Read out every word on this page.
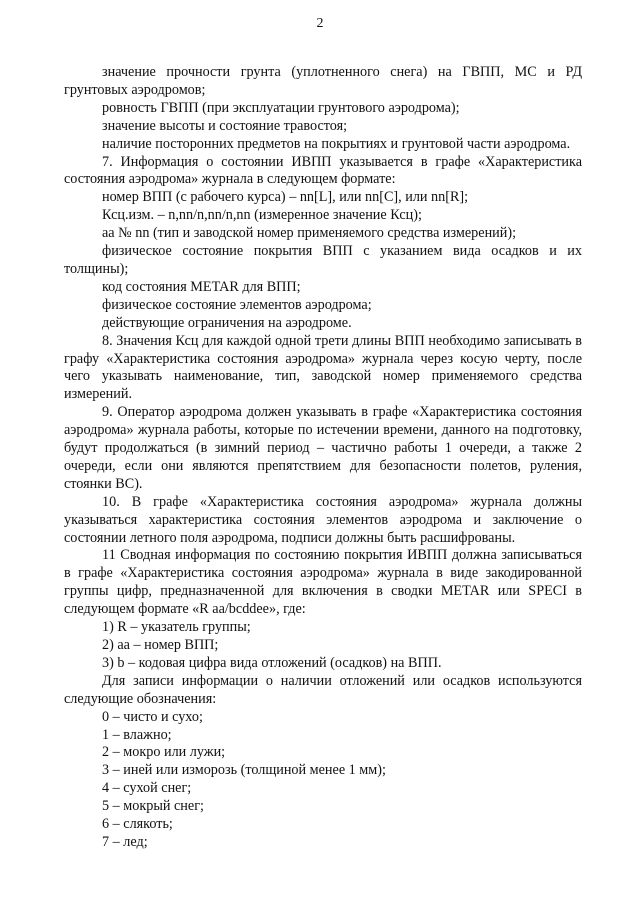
2

значение прочности грунта (уплотненного снега) на ГВПП, МС и РД грунтовых аэродромов;

ровность ГВПП (при эксплуатации грунтового аэродрома);

значение высоты и состояние травостоя;

наличие посторонних предметов на покрытиях и грунтовой части аэродрома.

7. Информация о состоянии ИВПП указывается в графе «Характеристика состояния аэродрома» журнала в следующем формате:

номер ВПП (с рабочего курса) – nn[L], или nn[C], или nn[R];

Ксц.изм. – n,nn/n,nn/n,nn (измеренное значение Ксц);

аа № nn (тип и заводской номер применяемого средства измерений);

физическое состояние покрытия ВПП с указанием вида осадков и их толщины);

код состояния METAR для ВПП;

физическое состояние элементов аэродрома;

действующие ограничения на аэродроме.

8. Значения Ксц для каждой одной трети длины ВПП необходимо записывать в графу «Характеристика состояния аэродрома» журнала через косую черту, после чего указывать наименование, тип, заводской номер применяемого средства измерений.

9. Оператор аэродрома должен указывать в графе «Характеристика состояния аэродрома» журнала работы, которые по истечении времени, данного на подготовку, будут продолжаться (в зимний период – частично работы 1 очереди, а также 2 очереди, если они являются препятствием для безопасности полетов, руления, стоянки ВС).

10. В графе «Характеристика состояния аэродрома» журнала должны указываться характеристика состояния элементов аэродрома и заключение о состоянии летного поля аэродрома, подписи должны быть расшифрованы.

11 Сводная информация по состоянию покрытия ИВПП должна записываться в графе «Характеристика состояния аэродрома» журнала в виде закодированной группы цифр, предназначенной для включения в сводки METAR или SPECI в следующем формате «R аа/bcddee», где:

1) R – указатель группы;

2) аа – номер ВПП;

3) b – кодовая цифра вида отложений (осадков) на ВПП.

Для записи информации о наличии отложений или осадков используются следующие обозначения:

0 – чисто и сухо;

1 – влажно;

2 – мокро или лужи;

3 – иней или изморозь (толщиной менее 1 мм);

4 – сухой снег;

5 – мокрый снег;

6 – слякоть;

7 – лед;
